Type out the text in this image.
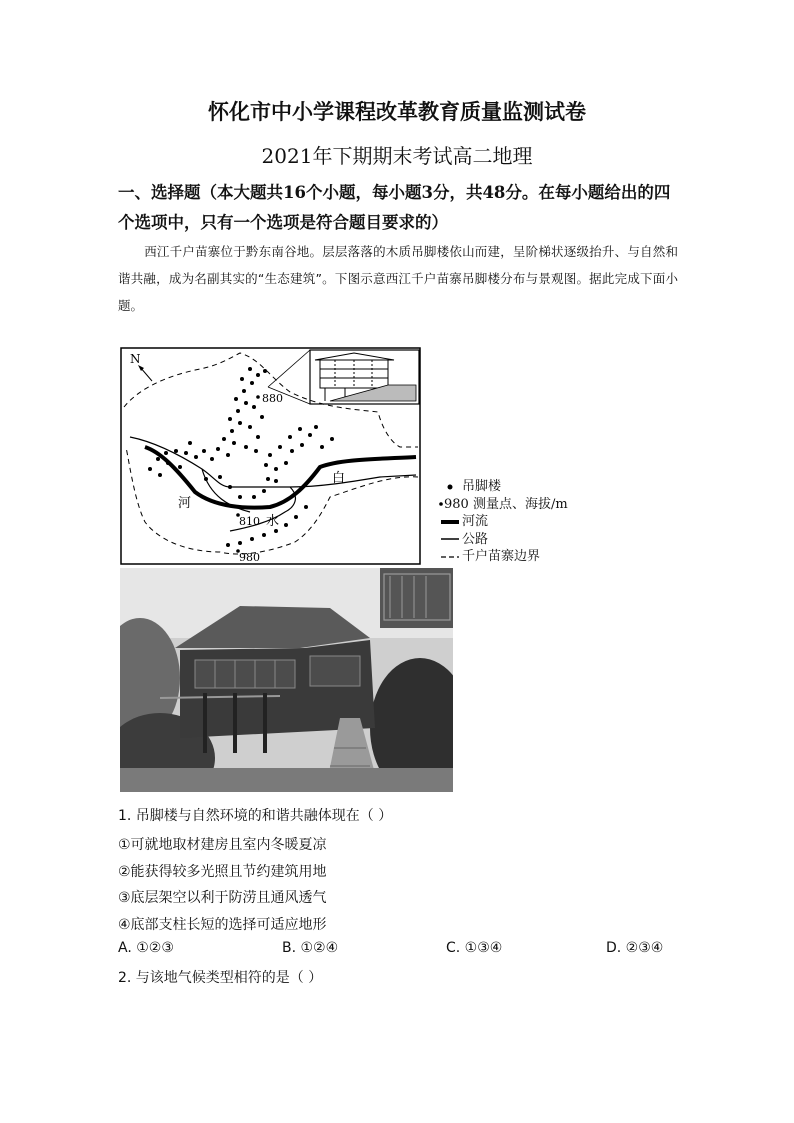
怀化市中小学课程改革教育质量监测试卷
2021年下期期末考试高二地理
一、选择题（本大题共16个小题，每小题3分，共48分。在每小题给出的四个选项中，只有一个选项是符合题目要求的）
西江千户苗寨位于黔东南谷地。层层落落的木质吊脚楼依山而建，呈阶梯状逐级抬升、与自然和谐共融，成为名副其实的“生态建筑”。下图示意西江千户苗寨吊脚楼分布与景观图。据此完成下面小题。
N
880
810
980
白
河
水
吊脚楼
980 测量点、海拔/m
河流
公路
千户苗寨边界
1. 吊脚楼与自然环境的和谐共融体现在（ ）
①可就地取材建房且室内冬暖夏凉
②能获得较多光照且节约建筑用地
③底层架空以利于防涝且通风透气
④底部支柱长短的选择可适应地形
A. ①②③	B. ①②④	C. ①③④	D. ②③④
2. 与该地气候类型相符的是（ ）
